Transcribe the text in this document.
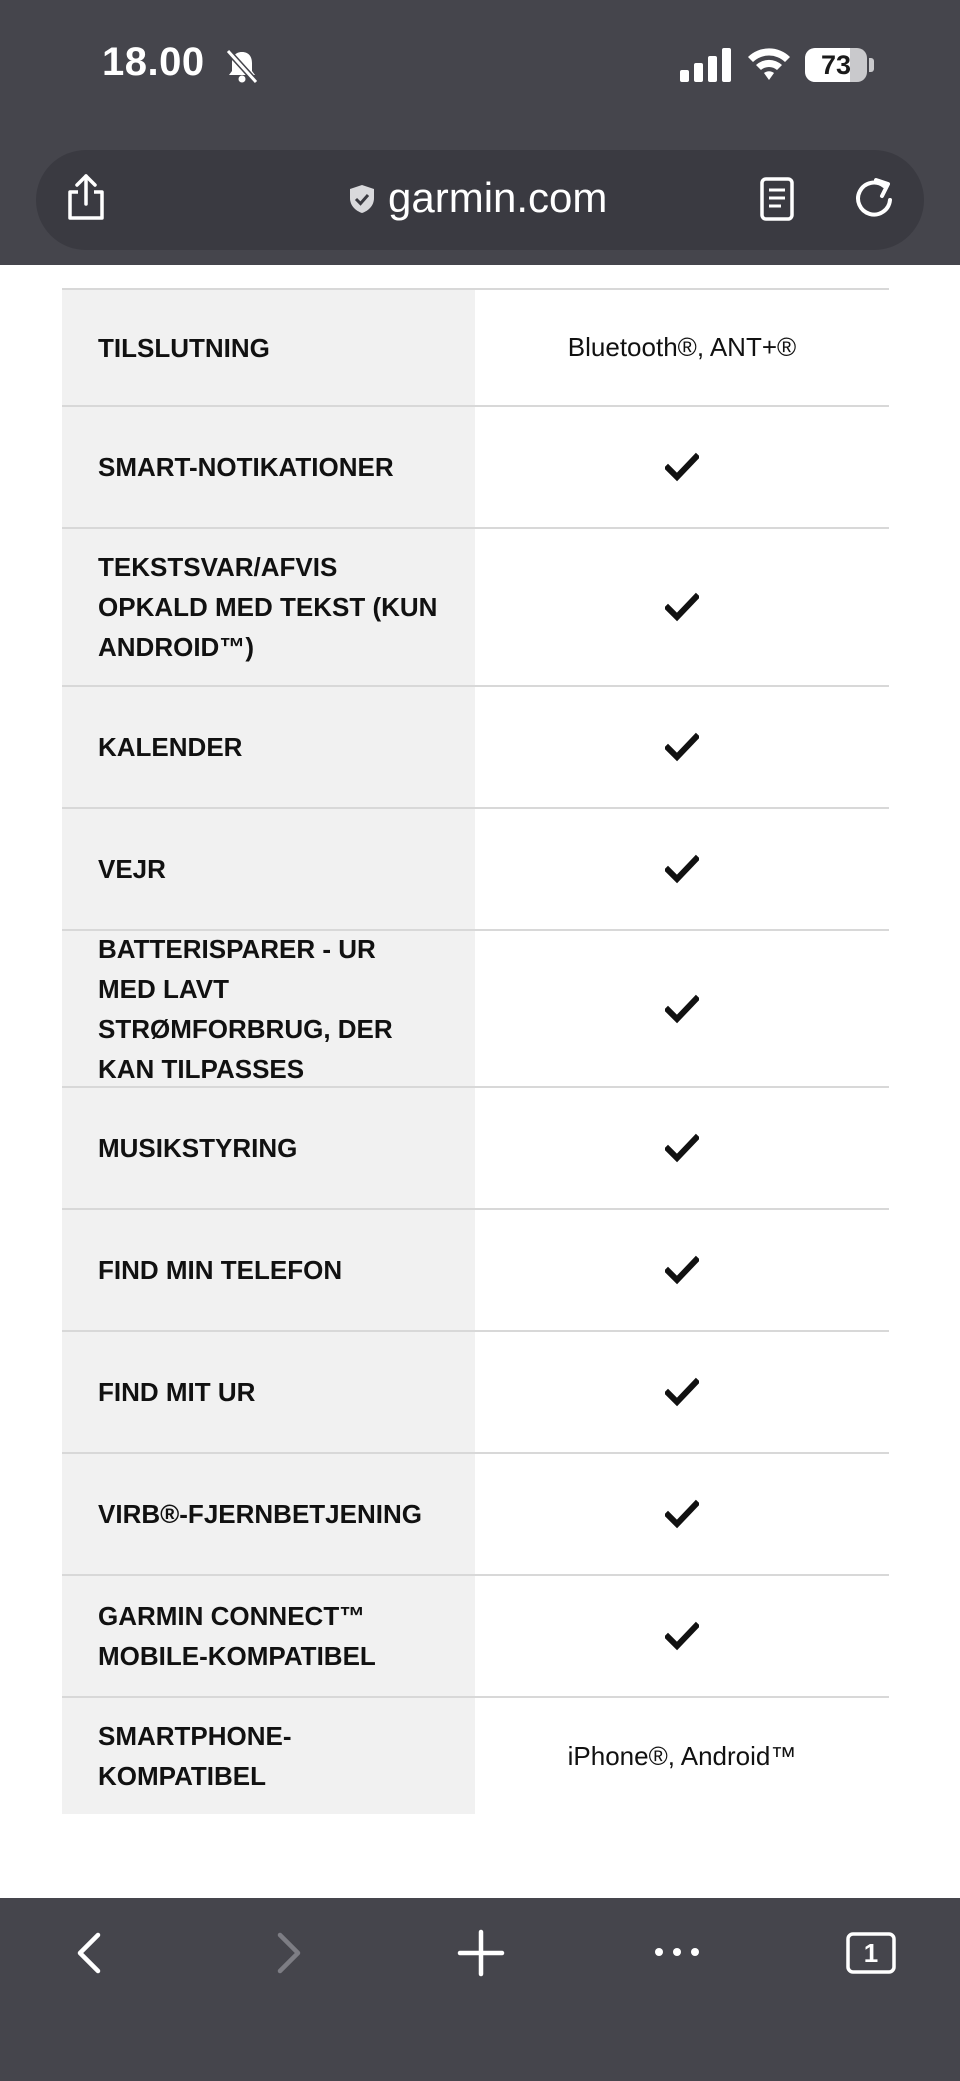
18.00	73
garmin.com
TILSLUTNING	Bluetooth®, ANT+®
SMART-NOTIKATIONER
TEKSTSVAR/AFVIS OPKALD MED TEKST (KUN ANDROID™)
KALENDER
VEJR
BATTERISPARER - UR MED LAVT STRØMFORBRUG, DER KAN TILPASSES
MUSIKSTYRING
FIND MIN TELEFON
FIND MIT UR
VIRB®-FJERNBETJENING
GARMIN CONNECT™ MOBILE-KOMPATIBEL
SMARTPHONE-KOMPATIBEL
iPhone®, Android™
1
